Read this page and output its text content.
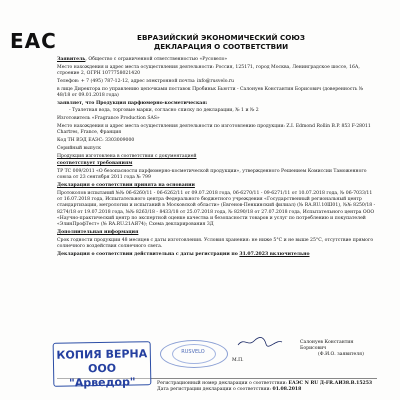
EAC	ЕВРАЗИЙСКИЙ ЭКОНОМИЧЕСКИЙ СОЮЗ
ДЕКЛАРАЦИЯ О СООТВЕТСТВИИ

Заявитель, Общество с ограниченной ответственностью «Русовело»

Место нахождения и адрес места осуществления деятельности: Россия, 125171, город Москва, Ленинградское шоссе, 16А, строение 2, ОГРН 1077758021420

Телефон: + 7 (495) 787-12-12, адрес электронной почты: info@rusvelo.ru

в лице Директора по управлению цепочками поставок Пробиньк Бьютти - Салонуев Константин Борисович (доверенность № 48/18 от 09.01.2018 года)

заявляет, что Продукция парфюмерно-косметическая:

- Туалетная вода, торговые марки, согласно списку по декларации, № 1 и № 2

Изготовитель «Fragrance Production SAS»

Место нахождения и адрес места осуществления деятельности по изготовлению продукции: Z.I. Edmond Rollin B.P. 853 F-28011 Chartres, France, Франция

Код ТН ВЭД ЕАЭС: 3303009000

Серийный выпуск

Продукция изготовлена в соответствии с документацией

соответствует требованиям

ТР ТС 009/2011 «О безопасности парфюмерно-косметической продукции», утвержденного Решением Комиссии Таможенного союза от 23 сентября 2011 года № 799

Декларация о соответствии принята на основании

Протоколов испытаний №№ 06-6260/11 - 06-6262/11 от 09.07.2018 года, 06-6270/11 - 09-6271/11 от 10.07.2018 года, № 06-7033/11 от 16.07.2018 года, Испытательного центра Федерального бюджетного учреждения «Государственный региональный центр стандартизации, метрологии и испытаний в Московской области» (Евгенов-Пенкинский филиал) (№ RA.RU.10Ш01), №№ 8250/18 - 8274/18 от 19.07.2018 года, №№ 8263/18 - 8433/18 от 25.07.2018 года, № 8290/18 от 27.07.2018 года, Испытательного центра ООО «Научно-практический центр по экспертной оценке качества и безопасности товаров и услуг по потреблению и покупателей «ЭлинПрофТест» (№ RA.RU.21АЯ74); Схема декларирования 3Д

Дополнительная информация

Срок годности продукции 48 месяцев с даты изготовления. Условия хранения: не ниже 5°С и не выше 25°С, отсутствие прямого солнечного воздействия солнечного света.

Декларация о соответствии действительна с даты регистрации по 31.07.2023 включительно

RUSVELO
Салонуев Константин Борисович
(Ф.И.О. заявителя)
М.П.
Регистрационный номер декларации о соответствии: ЕАЭС N RU Д-FR.АИ38.В.15253
Дата регистрации декларации о соответствии: 01.08.2018
КОПИЯ ВЕРНА
ООО "Арведор"
